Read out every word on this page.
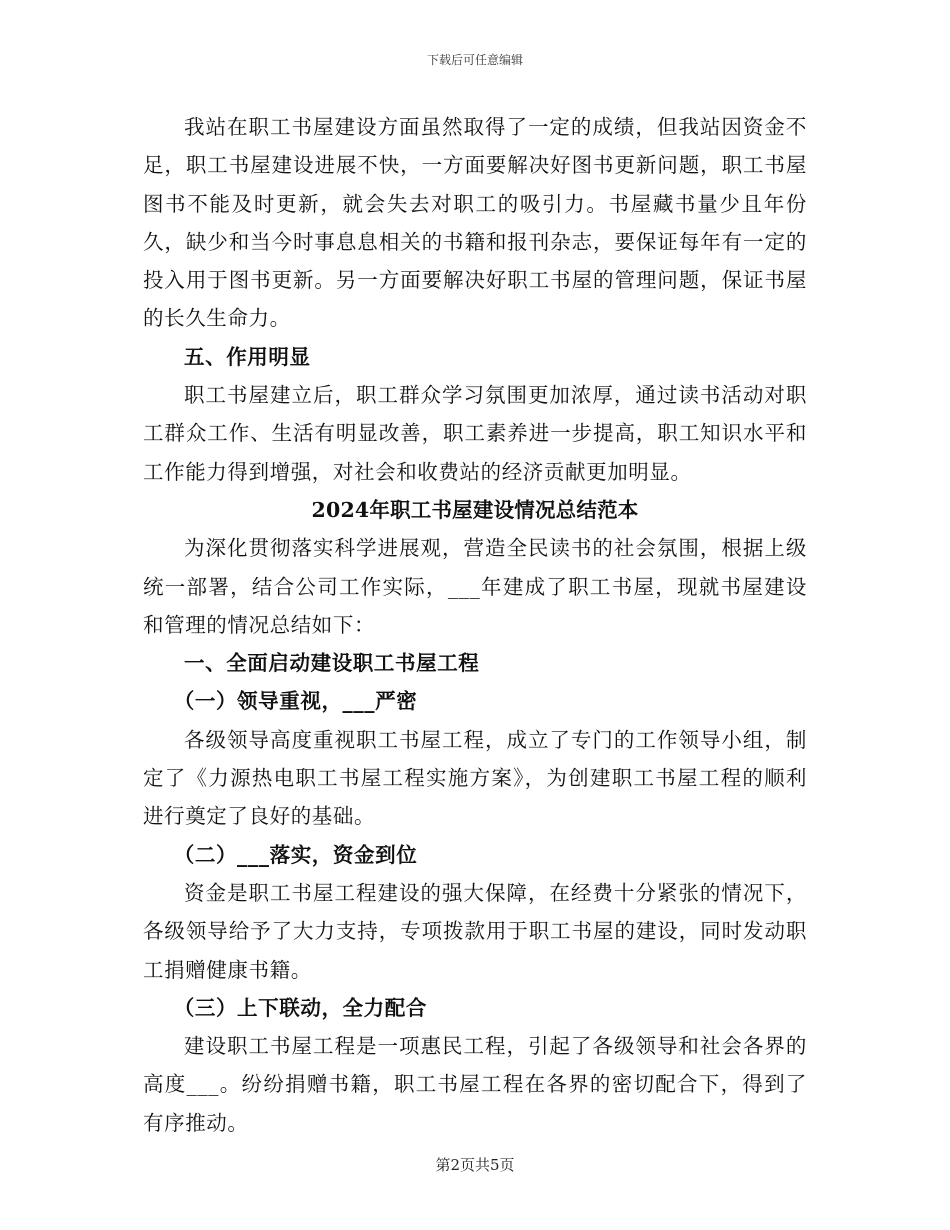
下载后可任意编辑

我站在职工书屋建设方面虽然取得了一定的成绩，但我站因资金不足，职工书屋建设进展不快，一方面要解决好图书更新问题，职工书屋图书不能及时更新，就会失去对职工的吸引力。书屋藏书量少且年份久，缺少和当今时事息息相关的书籍和报刊杂志，要保证每年有一定的投入用于图书更新。另一方面要解决好职工书屋的管理问题，保证书屋的长久生命力。

五、作用明显

职工书屋建立后，职工群众学习氛围更加浓厚，通过读书活动对职工群众工作、生活有明显改善，职工素养进一步提高，职工知识水平和工作能力得到增强，对社会和收费站的经济贡献更加明显。

2024年职工书屋建设情况总结范本

为深化贯彻落实科学进展观，营造全民读书的社会氛围，根据上级统一部署，结合公司工作实际，___年建成了职工书屋，现就书屋建设和管理的情况总结如下：

一、全面启动建设职工书屋工程

（一）领导重视，___严密

各级领导高度重视职工书屋工程，成立了专门的工作领导小组，制定了《力源热电职工书屋工程实施方案》，为创建职工书屋工程的顺利进行奠定了良好的基础。

（二）___落实，资金到位

资金是职工书屋工程建设的强大保障，在经费十分紧张的情况下，各级领导给予了大力支持，专项拨款用于职工书屋的建设，同时发动职工捐赠健康书籍。

（三）上下联动，全力配合

建设职工书屋工程是一项惠民工程，引起了各级领导和社会各界的高度___。纷纷捐赠书籍，职工书屋工程在各界的密切配合下，得到了有序推动。

第2页共5页
